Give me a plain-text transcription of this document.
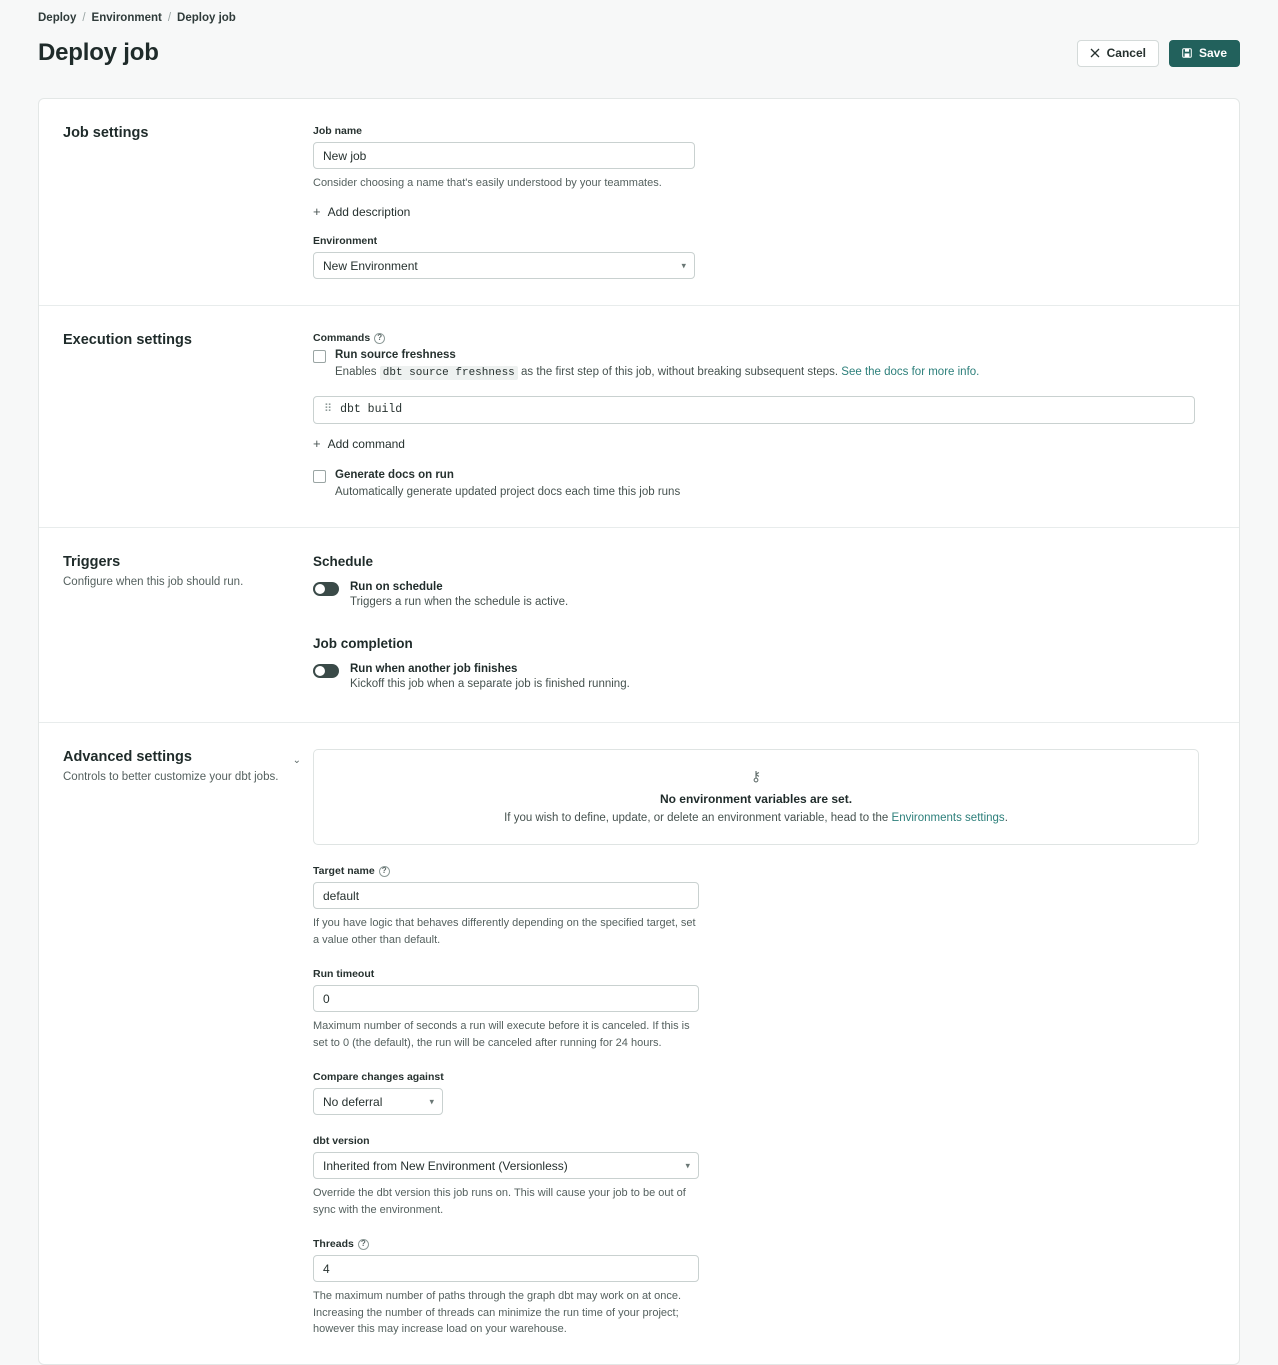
Deploy / Environment / Deploy job
Deploy job	Cancel	Save
Job settings	Job name
New job
Consider choosing a name that's easily understood by your teammates.
+ Add description
Environment
New Environment
▾
Execution settings	Commands ?
Run source freshness
Enables dbt source freshness as the first step of this job, without breaking subsequent steps. See the docs for more info.
⠿ dbt build
+ Add command
Generate docs on run
Automatically generate updated project docs each time this job runs
Triggers

Configure when this job should run.

Schedule
Run on schedule
Triggers a run when the schedule is active.
Job completion
Run when another job finishes
Kickoff this job when a separate job is finished running.
Advanced settings

Controls to better customize your dbt jobs.

⌄
⚷
No environment variables are set.
If you wish to define, update, or delete an environment variable, head to the Environments settings.
Target name ?
default
If you have logic that behaves differently depending on the specified target, set a value other than default.
Run timeout
0
Maximum number of seconds a run will execute before it is canceled. If this is set to 0 (the default), the run will be canceled after running for 24 hours.
Compare changes against
No deferral
▾
dbt version
Inherited from New Environment (Versionless)
▾
Override the dbt version this job runs on. This will cause your job to be out of sync with the environment.
Threads ?
4
The maximum number of paths through the graph dbt may work on at once. Increasing the number of threads can minimize the run time of your project; however this may increase load on your warehouse.
